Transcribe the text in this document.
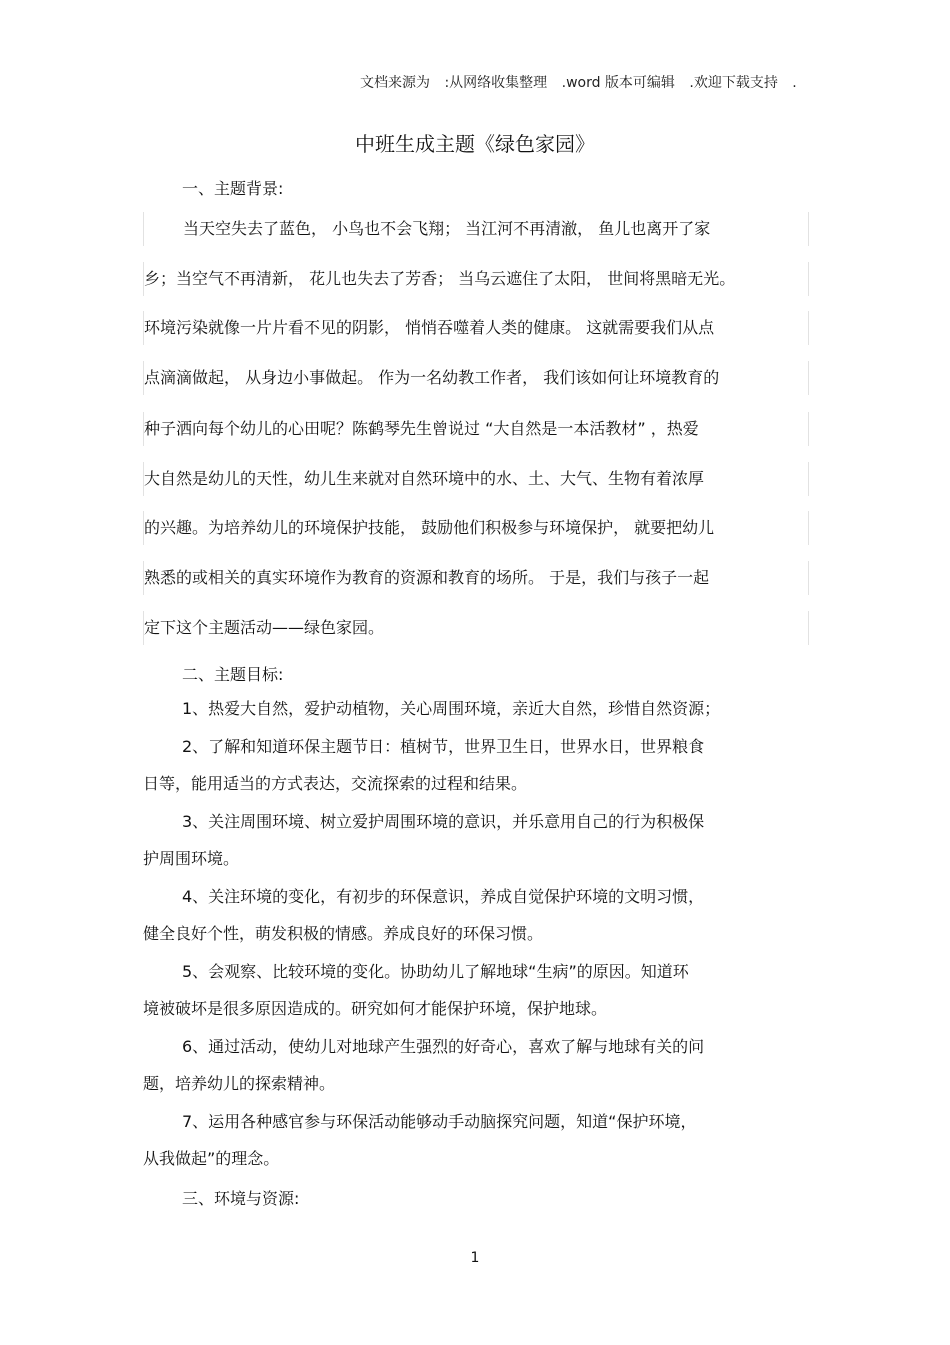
文档来源为 :从网络收集整理 .word 版本可编辑 .欢迎下载支持 .
中班生成主题《绿色家园》
一、主题背景:
当天空失去了蓝色， 小鸟也不会飞翔； 当江河不再清澈， 鱼儿也离开了家
乡；当空气不再清新， 花儿也失去了芳香； 当乌云遮住了太阳， 世间将黑暗无光。
环境污染就像一片片看不见的阴影， 悄悄吞噬着人类的健康。 这就需要我们从点
点滴滴做起， 从身边小事做起。 作为一名幼教工作者， 我们该如何让环境教育的
种子洒向每个幼儿的心田呢？陈鹤琴先生曾说过 “大自然是一本活教材” ，热爱
大自然是幼儿的天性，幼儿生来就对自然环境中的水、土、大气、生物有着浓厚
的兴趣。为培养幼儿的环境保护技能， 鼓励他们积极参与环境保护， 就要把幼儿
熟悉的或相关的真实环境作为教育的资源和教育的场所。 于是，我们与孩子一起
定下这个主题活动——绿色家园。
二、主题目标:
1、热爱大自然，爱护动植物，关心周围环境，亲近大自然，珍惜自然资源；
2、了解和知道环保主题节日：植树节，世界卫生日，世界水日，世界粮食
日等，能用适当的方式表达，交流探索的过程和结果。
3、关注周围环境、树立爱护周围环境的意识，并乐意用自己的行为积极保
护周围环境。
4、关注环境的变化，有初步的环保意识，养成自觉保护环境的文明习惯，
健全良好个性，萌发积极的情感。养成良好的环保习惯。
5、会观察、比较环境的变化。协助幼儿了解地球“生病”的原因。知道环
境被破坏是很多原因造成的。研究如何才能保护环境，保护地球。
6、通过活动，使幼儿对地球产生强烈的好奇心，喜欢了解与地球有关的问
题，培养幼儿的探索精神。
7、运用各种感官参与环保活动能够动手动脑探究问题，知道“保护环境，
从我做起”的理念。
三、环境与资源:
1
